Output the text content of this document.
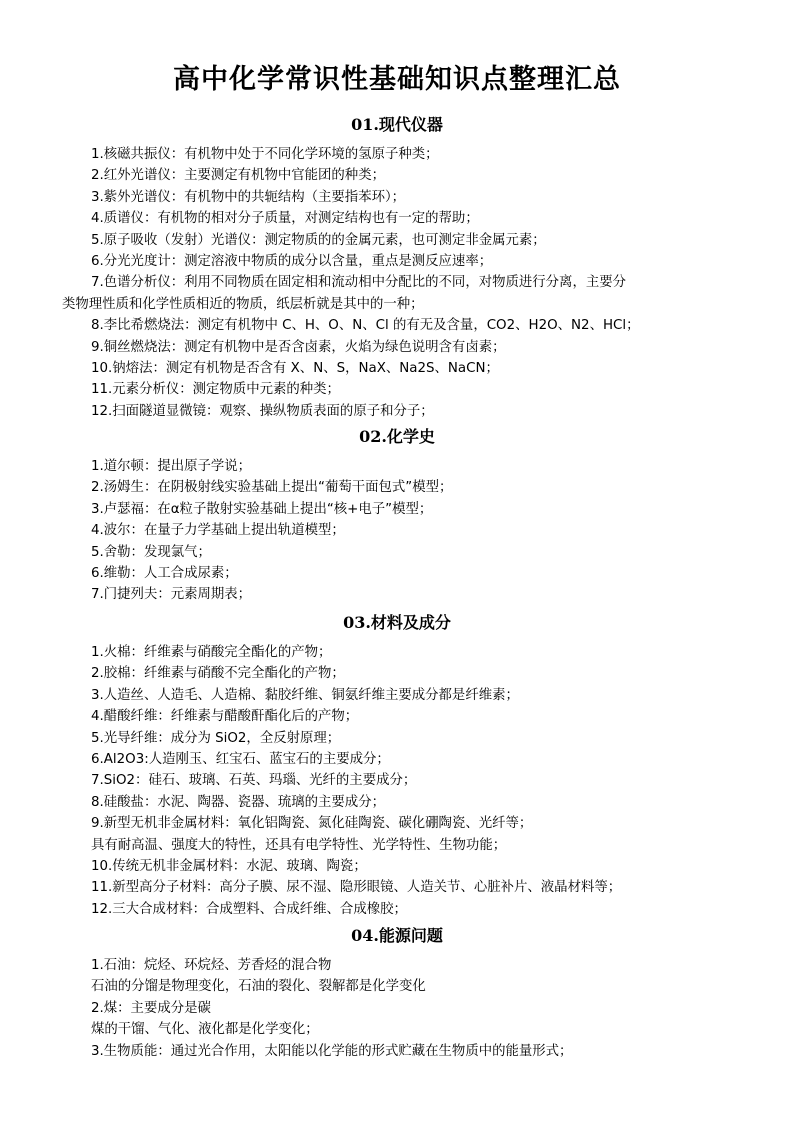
高中化学常识性基础知识点整理汇总

01.现代仪器

1.核磁共振仪：有机物中处于不同化学环境的氢原子种类；

2.红外光谱仪：主要测定有机物中官能团的种类；

3.紫外光谱仪：有机物中的共轭结构（主要指苯环）；

4.质谱仪：有机物的相对分子质量，对测定结构也有一定的帮助；

5.原子吸收（发射）光谱仪：测定物质的的金属元素，也可测定非金属元素；

6.分光光度计：测定溶液中物质的成分以含量，重点是测反应速率；

7.色谱分析仪：利用不同物质在固定相和流动相中分配比的不同，对物质进行分离，主要分

类物理性质和化学性质相近的物质，纸层析就是其中的一种；

8.李比希燃烧法：测定有机物中 C、H、O、N、Cl 的有无及含量，CO2、H2O、N2、HCl；

9.铜丝燃烧法：测定有机物中是否含卤素，火焰为绿色说明含有卤素；

10.钠熔法：测定有机物是否含有 X、N、S，NaX、Na2S、NaCN；

11.元素分析仪：测定物质中元素的种类；

12.扫面隧道显微镜：观察、操纵物质表面的原子和分子；

02.化学史

1.道尔顿：提出原子学说；

2.汤姆生：在阴极射线实验基础上提出“葡萄干面包式”模型；

3.卢瑟福：在α粒子散射实验基础上提出“核+电子”模型；

4.波尔：在量子力学基础上提出轨道模型；

5.舍勒：发现氯气；

6.维勒：人工合成尿素；

7.门捷列夫：元素周期表；

03.材料及成分

1.火棉：纤维素与硝酸完全酯化的产物；

2.胶棉：纤维素与硝酸不完全酯化的产物；

3.人造丝、人造毛、人造棉、黏胶纤维、铜氨纤维主要成分都是纤维素；

4.醋酸纤维：纤维素与醋酸酐酯化后的产物；

5.光导纤维：成分为 SiO2，全反射原理；

6.Al2O3:人造刚玉、红宝石、蓝宝石的主要成分；

7.SiO2：硅石、玻璃、石英、玛瑙、光纤的主要成分；

8.硅酸盐：水泥、陶器、瓷器、琉璃的主要成分；

9.新型无机非金属材料：氧化铝陶瓷、氮化硅陶瓷、碳化硼陶瓷、光纤等；

具有耐高温、强度大的特性，还具有电学特性、光学特性、生物功能；

10.传统无机非金属材料：水泥、玻璃、陶瓷；

11.新型高分子材料：高分子膜、尿不湿、隐形眼镜、人造关节、心脏补片、液晶材料等；

12.三大合成材料：合成塑料、合成纤维、合成橡胶；

04.能源问题

1.石油：烷烃、环烷烃、芳香烃的混合物

石油的分馏是物理变化，石油的裂化、裂解都是化学变化

2.煤：主要成分是碳

煤的干馏、气化、液化都是化学变化；

3.生物质能：通过光合作用，太阳能以化学能的形式贮藏在生物质中的能量形式；
